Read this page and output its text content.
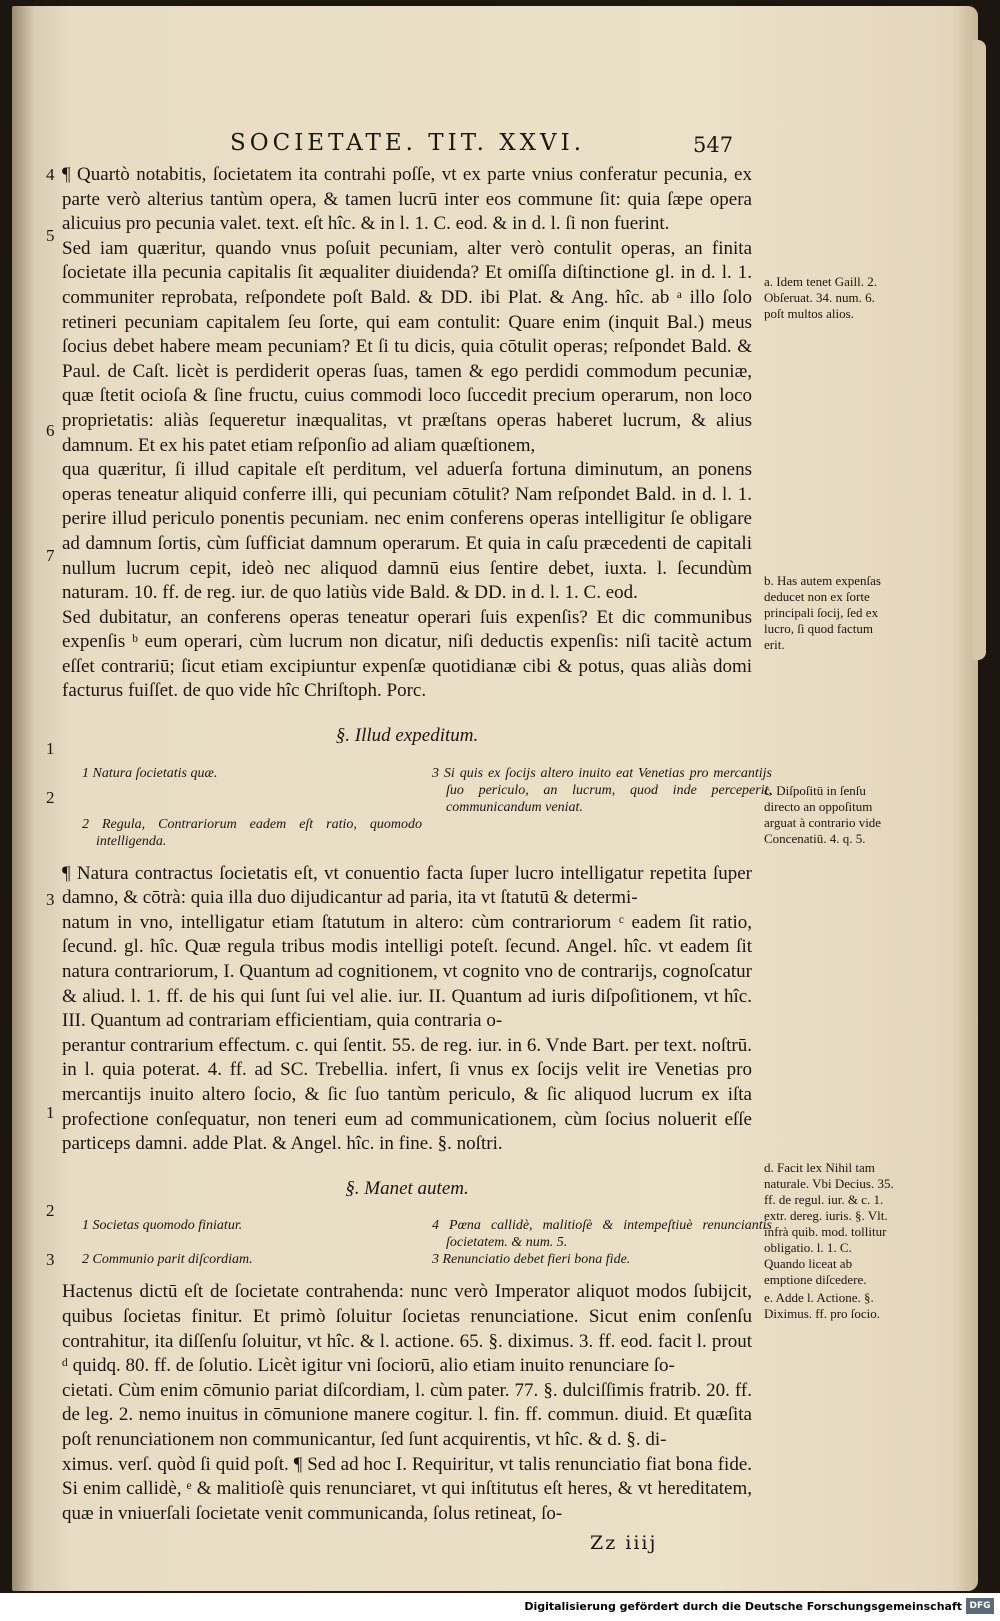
SOCIETATE. TIT. XXVI.	547
4
5
6
7
1
2
3
1
2
3

¶ Quartò notabitis, ſocietatem ita contrahi poſſe, vt ex parte vnius conferatur pecunia, ex parte verò alterius tantùm opera, & tamen lucrū inter eos commune ſit: quia ſæpe opera alicuius pro pecunia valet. text. eſt hîc. & in l. 1. C. eod. & in d. l. ſi non fuerint.

Sed iam quæritur, quando vnus poſuit pecuniam, alter verò contulit operas, an finita ſocietate illa pecunia capitalis ſit æqualiter diuidenda? Et omiſſa diſtinctione gl. in d. l. 1. communiter reprobata, reſpondete poſt Bald. & DD. ibi Plat. & Ang. hîc. ab ᵃ illo ſolo retineri pecuniam capitalem ſeu ſorte, qui eam contulit: Quare enim (inquit Bal.) meus ſocius debet habere meam pecuniam? Et ſi tu dicis, quia cōtulit operas; reſpondet Bald. & Paul. de Caſt. licèt is perdiderit operas ſuas, tamen & ego perdidi commodum pecuniæ, quæ ſtetit ocioſa & ſine fructu, cuius commodi loco ſuccedit precium operarum, non loco proprietatis: aliàs ſequeretur inæqualitas, vt præſtans operas haberet lucrum, & alius damnum. Et ex his patet etiam reſponſio ad aliam quæſtionem,

qua quæritur, ſi illud capitale eſt perditum, vel aduerſa fortuna diminutum, an ponens operas teneatur aliquid conferre illi, qui pecuniam cōtulit? Nam reſpondet Bald. in d. l. 1. perire illud periculo ponentis pecuniam. nec enim conferens operas intelligitur ſe obligare ad damnum ſortis, cùm ſufficiat damnum operarum. Et quia in caſu præcedenti de capitali nullum lucrum cepit, ideò nec aliquod damnū eius ſentire debet, iuxta. l. ſecundùm naturam. 10. ff. de reg. iur. de quo latiùs vide Bald. & DD. in d. l. 1. C. eod.

Sed dubitatur, an conferens operas teneatur operari ſuis expenſis? Et dic communibus expenſis ᵇ eum operari, cùm lucrum non dicatur, niſi deductis expenſis: niſi tacitè actum eſſet contrariū; ſicut etiam excipiuntur expenſæ quotidianæ cibi & potus, quas aliàs domi facturus fuiſſet. de quo vide hîc Chriſtoph. Porc.

§. Illud expeditum.
1 Natura ſocietatis quæ.	3 Si quis ex ſocijs altero inuito eat Venetias pro mercantijs ſuo periculo, an lucrum, quod inde perceperit, communicandum veniat.
2 Regula, Contrariorum eadem eſt ratio, quomodo intelligenda.

¶ Natura contractus ſocietatis eſt, vt conuentio facta ſuper lucro intelligatur repetita ſuper damno, & cōtrà: quia illa duo dijudicantur ad paria, ita vt ſtatutū & determi-

natum in vno, intelligatur etiam ſtatutum in altero: cùm contrariorum ᶜ eadem ſit ratio, ſecund. gl. hîc. Quæ regula tribus modis intelligi poteſt. ſecund. Angel. hîc. vt eadem ſit natura contrariorum, I. Quantum ad cognitionem, vt cognito vno de contrarijs, cognoſcatur & aliud. l. 1. ff. de his qui ſunt ſui vel alie. iur. II. Quantum ad iuris diſpoſitionem, vt hîc. III. Quantum ad contrariam efficientiam, quia contraria o-

perantur contrarium effectum. c. qui ſentit. 55. de reg. iur. in 6. Vnde Bart. per text. noſtrū. in l. quia poterat. 4. ff. ad SC. Trebellia. infert, ſi vnus ex ſocijs velit ire Venetias pro mercantijs inuito altero ſocio, & ſic ſuo tantùm periculo, & ſic aliquod lucrum ex iſta profectione conſequatur, non teneri eum ad communicationem, cùm ſocius noluerit eſſe particeps damni. adde Plat. & Angel. hîc. in fine. §. noſtri.

§. Manet autem.
1 Societas quomodo finiatur.	4 Pœna callidè, malitioſè & intempeſtiuè renunciantis ſocietatem. & num. 5.
2 Communio parit diſcordiam.	3 Renunciatio debet fieri bona fide.

Hactenus dictū eſt de ſocietate contrahenda: nunc verò Imperator aliquot modos ſubijcit, quibus ſocietas finitur. Et primò ſoluitur ſocietas renunciatione. Sicut enim conſenſu contrahitur, ita diſſenſu ſoluitur, vt hîc. & l. actione. 65. §. diximus. 3. ff. eod. facit l. prout ᵈ quidq. 80. ff. de ſolutio. Licèt igitur vni ſociorū, alio etiam inuito renunciare ſo-

cietati. Cùm enim cōmunio pariat diſcordiam, l. cùm pater. 77. §. dulciſſimis fratrib. 20. ff. de leg. 2. nemo inuitus in cōmunione manere cogitur. l. fin. ff. commun. diuid. Et quæſita poſt renunciationem non communicantur, ſed ſunt acquirentis, vt hîc. & d. §. di-

ximus. verſ. quòd ſi quid poſt. ¶ Sed ad hoc I. Requiritur, vt talis renunciatio fiat bona fide. Si enim callidè, ᵉ & malitioſè quis renunciaret, vt qui inſtitutus eſt heres, & vt hereditatem, quæ in vniuerſali ſocietate venit communicanda, ſolus retineat, ſo-

a. Idem tenet Gaill. 2. Obſeruat. 34. num. 6. poſt multos alios.
b. Has autem expenſas deducet non ex ſorte principali ſocij, ſed ex lucro, ſi quod factum erit.
c. Diſpoſitū in ſenſu directo an oppoſitum arguat à contrario vide Concenatiū. 4. q. 5.
d. Facit lex Nihil tam naturale. Vbi Decius. 35. ff. de regul. iur. & c. 1. extr. dereg. iuris. §. Vlt. infrà quib. mod. tollitur obligatio. l. 1. C. Quando liceat ab emptione diſcedere.
e. Adde l. Actione. §. Diximus. ff. pro ſocio.
Zz iiij
Digitalisierung gefördert durch die Deutsche Forschungsgemeinschaft DFG
